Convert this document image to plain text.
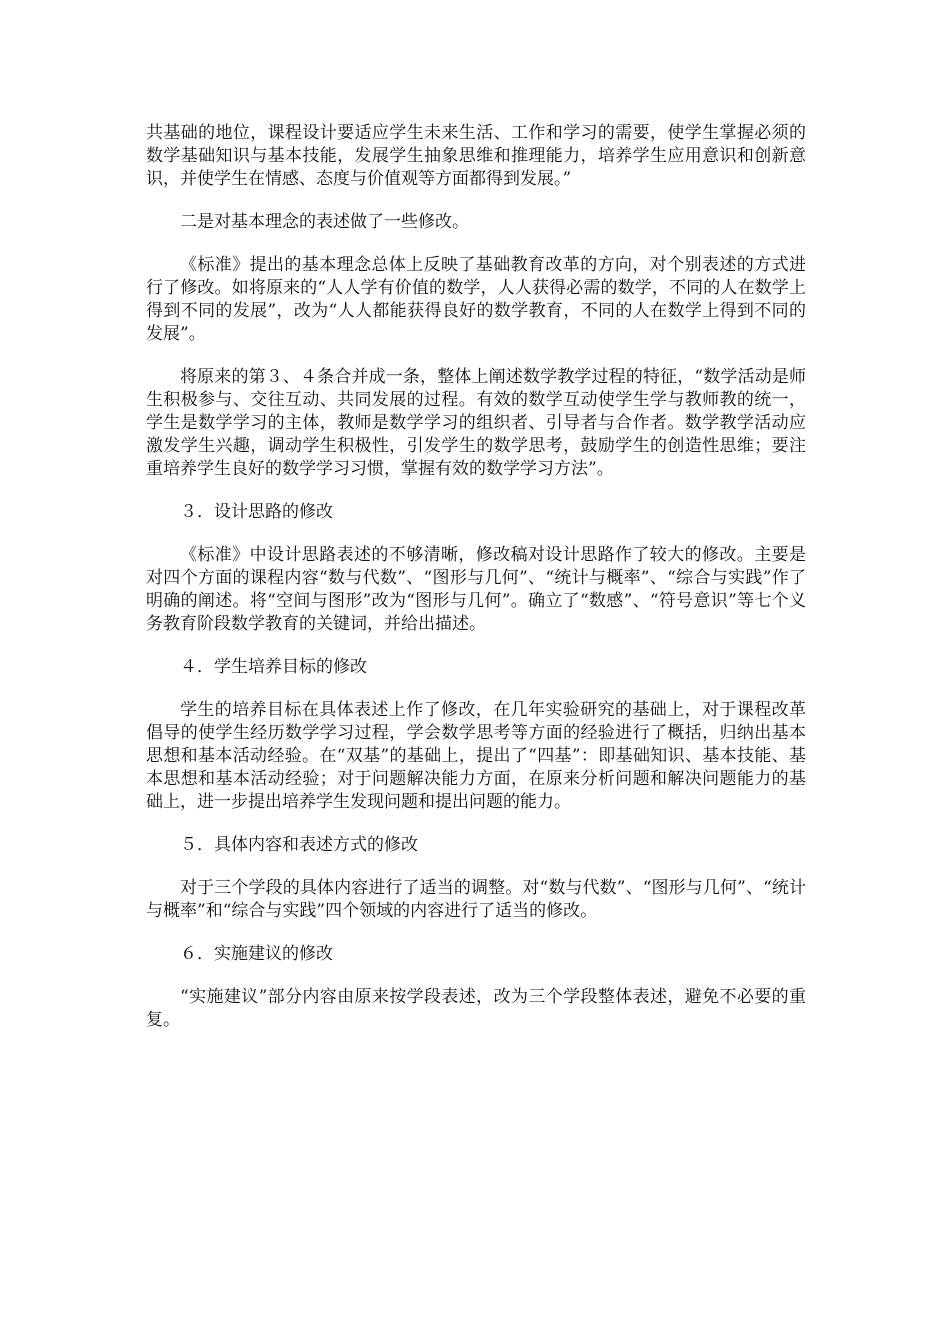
共基础的地位，课程设计要适应学生未来生活、工作和学习的需要，使学生掌握必须的数学基础知识与基本技能，发展学生抽象思维和推理能力，培养学生应用意识和创新意识，并使学生在情感、态度与价值观等方面都得到发展。”

二是对基本理念的表述做了一些修改。

《标准》提出的基本理念总体上反映了基础教育改革的方向，对个别表述的方式进行了修改。如将原来的“人人学有价值的数学，人人获得必需的数学，不同的人在数学上得到不同的发展”，改为“人人都能获得良好的数学教育，不同的人在数学上得到不同的发展”。

将原来的第３、４条合并成一条，整体上阐述数学教学过程的特征，“数学活动是师生积极参与、交往互动、共同发展的过程。有效的数学互动使学生学与教师教的统一，学生是数学学习的主体，教师是数学学习的组织者、引导者与合作者。数学教学活动应激发学生兴趣，调动学生积极性，引发学生的数学思考，鼓励学生的创造性思维；要注重培养学生良好的数学学习习惯，掌握有效的数学学习方法”。

３．设计思路的修改

《标准》中设计思路表述的不够清晰，修改稿对设计思路作了较大的修改。主要是对四个方面的课程内容“数与代数”、“图形与几何”、“统计与概率”、“综合与实践”作了明确的阐述。将“空间与图形”改为“图形与几何”。确立了“数感”、“符号意识”等七个义务教育阶段数学教育的关键词，并给出描述。

４．学生培养目标的修改

学生的培养目标在具体表述上作了修改，在几年实验研究的基础上，对于课程改革倡导的使学生经历数学学习过程，学会数学思考等方面的经验进行了概括，归纳出基本思想和基本活动经验。在“双基”的基础上，提出了“四基”：即基础知识、基本技能、基本思想和基本活动经验；对于问题解决能力方面，在原来分析问题和解决问题能力的基础上，进一步提出培养学生发现问题和提出问题的能力。

５．具体内容和表述方式的修改

对于三个学段的具体内容进行了适当的调整。对“数与代数”、“图形与几何”、“统计与概率”和“综合与实践”四个领域的内容进行了适当的修改。

６．实施建议的修改

“实施建议”部分内容由原来按学段表述，改为三个学段整体表述，避免不必要的重复。
